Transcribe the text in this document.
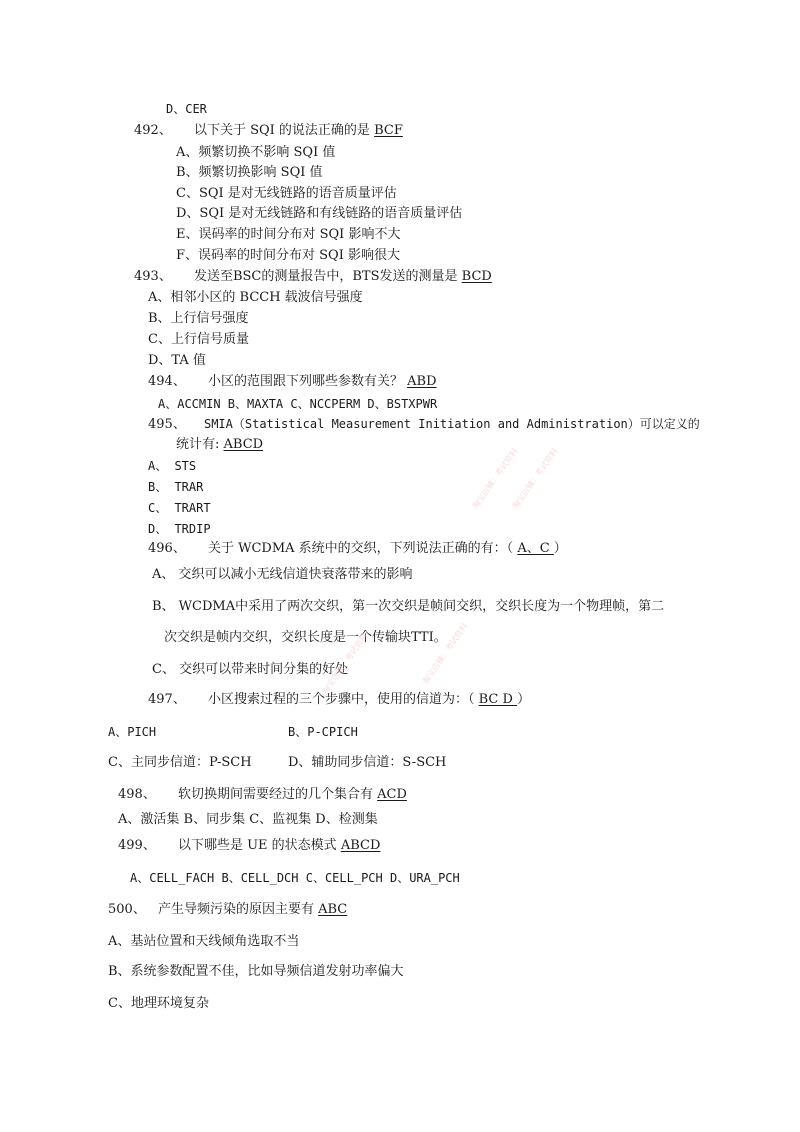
D、CER
492、 以下关于 SQI 的说法正确的是 BCF
A、频繁切换不影响 SQI 值
B、频繁切换影响 SQI 值
C、SQI 是对无线链路的语音质量评估
D、SQI 是对无线链路和有线链路的语音质量评估
E、误码率的时间分布对 SQI 影响不大
F、误码率的时间分布对 SQI 影响很大
493、 发送至BSC的测量报告中，BTS发送的测量是 BCD
A、相邻小区的 BCCH 载波信号强度
B、上行信号强度
C、上行信号质量
D、TA 值
494、 小区的范围跟下列哪些参数有关？ ABD
A、ACCMIN B、MAXTA C、NCCPERM D、BSTXPWR
495、 SMIA（Statistical Measurement Initiation and Administration）可以定义的
统计有: ABCD
A、 STS
B、 TRAR
C、 TRART
D、 TRDIP
496、 关于 WCDMA 系统中的交织，下列说法正确的有：（ A、C ）
A、 交织可以减小无线信道快衰落带来的影响
B、 WCDMA中采用了两次交织，第一次交织是帧间交织，交织长度为一个物理帧，第二
次交织是帧内交织，交织长度是一个传输块TTI。
C、 交织可以带来时间分集的好处
497、 小区搜索过程的三个步骤中，使用的信道为：（ BC D ）
A、PICH	B、P-CPICH
C、主同步信道：P-SCH	D、辅助同步信道：S-SCH
498、 软切换期间需要经过的几个集合有 ACD
A、激活集 B、同步集 C、监视集 D、检测集
499、 以下哪些是 UE 的状态模式 ABCD
A、CELL_FACH B、CELL_DCH C、CELL_PCH D、URA_PCH
500、 产生导频污染的原因主要有 ABC
A、基站位置和天线倾角选取不当
B、系统参数配置不佳，比如导频信道发射功率偏大
C、地理环境复杂
淘宝店铺：考试资料
淘宝店铺：考试资料
淘宝店铺：考试资料	淘宝店铺：考试资料
